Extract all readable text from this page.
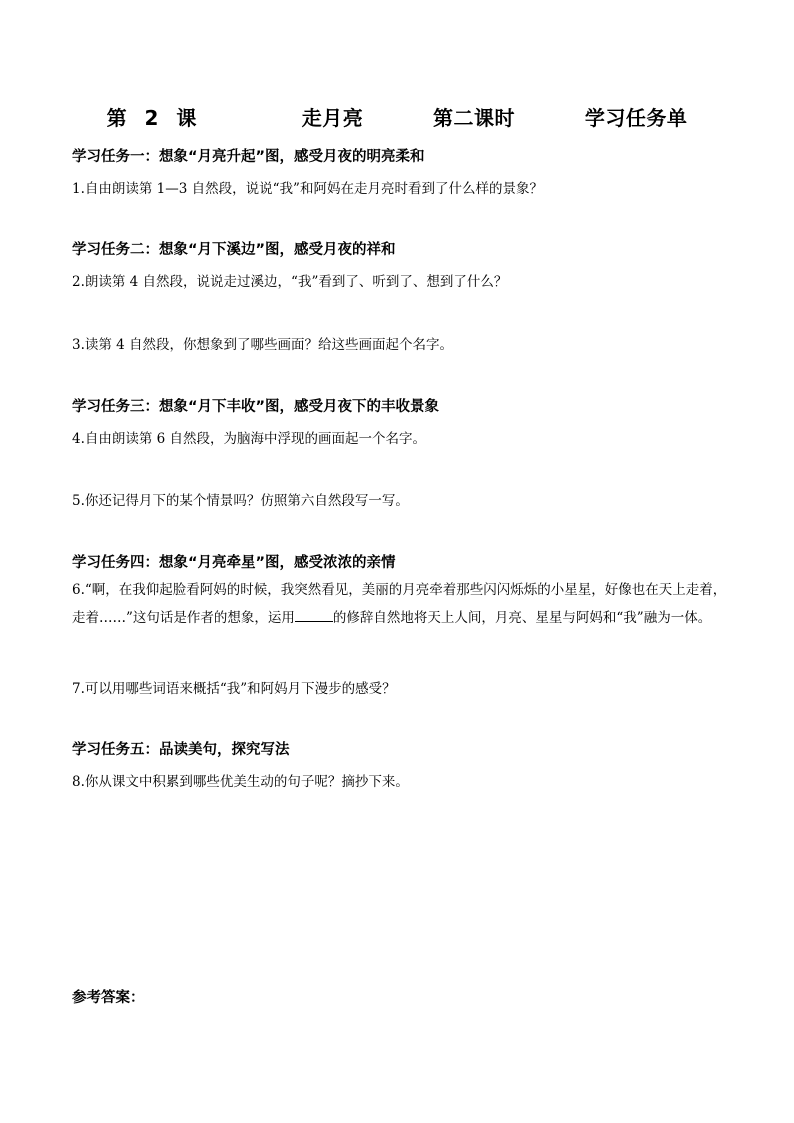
第 2 课      走月亮    第二课时    学习任务单
学习任务一：想象“月亮升起”图，感受月夜的明亮柔和
1.自由朗读第 1—3 自然段，说说“我”和阿妈在走月亮时看到了什么样的景象？
学习任务二：想象“月下溪边”图，感受月夜的祥和
2.朗读第 4 自然段，说说走过溪边，“我”看到了、听到了、想到了什么？
3.读第 4 自然段，你想象到了哪些画面？给这些画面起个名字。
学习任务三：想象“月下丰收”图，感受月夜下的丰收景象
4.自由朗读第 6 自然段，为脑海中浮现的画面起一个名字。
5.你还记得月下的某个情景吗？仿照第六自然段写一写。
学习任务四：想象“月亮牵星”图，感受浓浓的亲情
6.“啊，在我仰起脸看阿妈的时候，我突然看见，美丽的月亮牵着那些闪闪烁烁的小星星，好像也在天上走着，走着……”这句话是作者的想象，运用	的修辞自然地将天上人间，月亮、星星与阿妈和“我”融为一体。
7.可以用哪些词语来概括“我”和阿妈月下漫步的感受？
学习任务五：品读美句，探究写法
8.你从课文中积累到哪些优美生动的句子呢？摘抄下来。
参考答案：
